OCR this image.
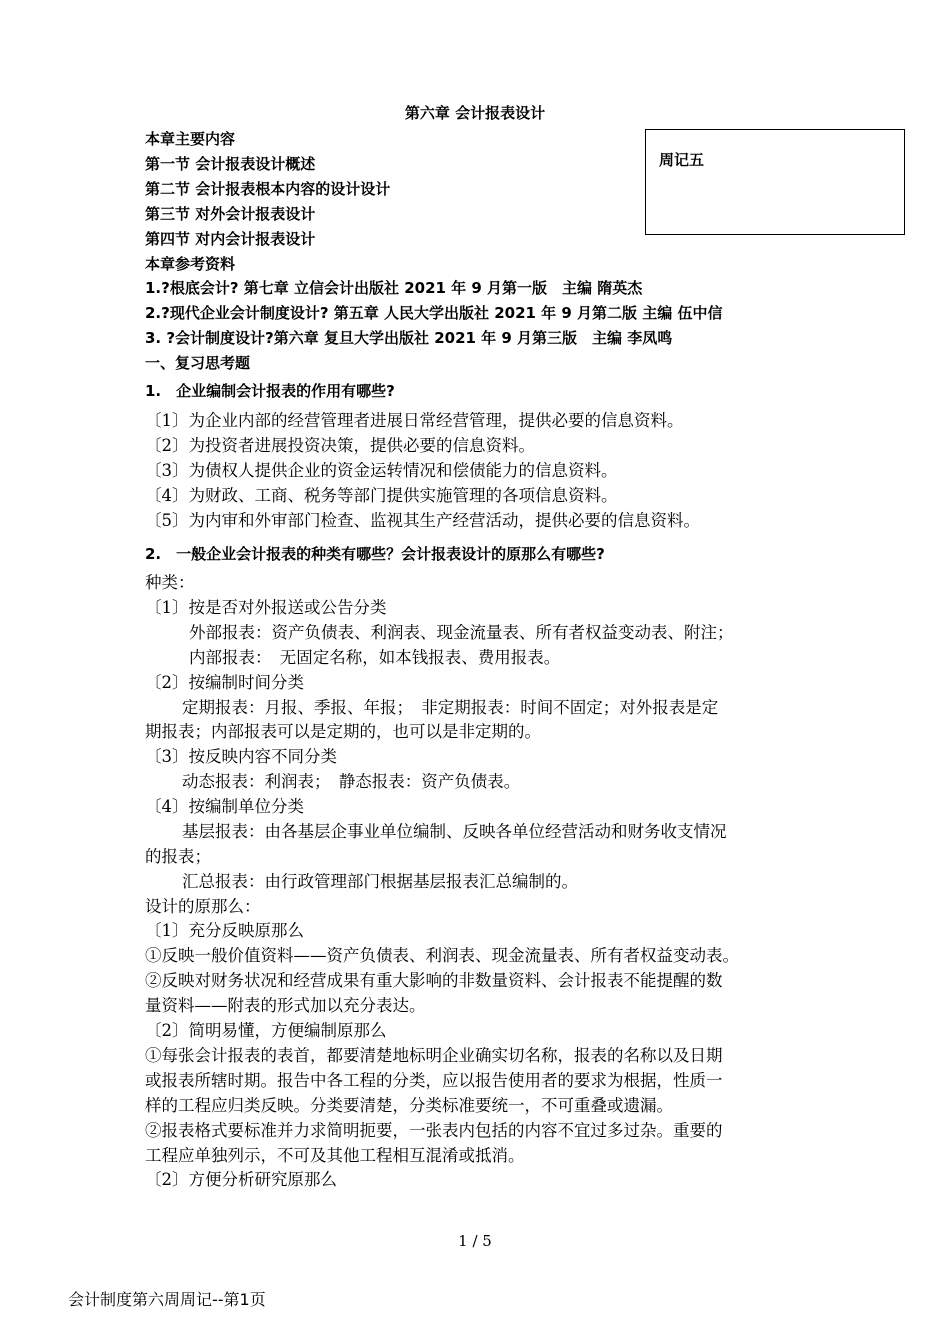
第六章 会计报表设计
周记五
本章主要内容
第一节 会计报表设计概述
第二节 会计报表根本内容的设计设计
第三节 对外会计报表设计
第四节 对内会计报表设计
本章参考资料
1.?根底会计? 第七章 立信会计出版社 2021 年 9 月第一版　主编 隋英杰
2.?现代企业会计制度设计? 第五章 人民大学出版社 2021 年 9 月第二版 主编 伍中信
3. ?会计制度设计?第六章 复旦大学出版社 2021 年 9 月第三版　主编 李凤鸣
一、复习思考题
1.　企业编制会计报表的作用有哪些?
〔1〕为企业内部的经营管理者进展日常经营管理，提供必要的信息资料。
〔2〕为投资者进展投资决策，提供必要的信息资料。
〔3〕为债权人提供企业的资金运转情况和偿债能力的信息资料。
〔4〕为财政、工商、税务等部门提供实施管理的各项信息资料。
〔5〕为内审和外审部门检查、监视其生产经营活动，提供必要的信息资料。
2.　一般企业会计报表的种类有哪些？会计报表设计的原那么有哪些?
种类：
〔1〕按是否对外报送或公告分类
外部报表：资产负债表、利润表、现金流量表、所有者权益变动表、附注；
内部报表：　无固定名称，如本钱报表、费用报表。
〔2〕按编制时间分类
定期报表：月报、季报、年报；　非定期报表：时间不固定；对外报表是定
期报表；内部报表可以是定期的，也可以是非定期的。
〔3〕按反映内容不同分类
动态报表：利润表；　静态报表：资产负债表。
〔4〕按编制单位分类
基层报表：由各基层企事业单位编制、反映各单位经营活动和财务收支情况
的报表；
汇总报表：由行政管理部门根据基层报表汇总编制的。
设计的原那么：
〔1〕充分反映原那么
①反映一般价值资料——资产负债表、利润表、现金流量表、所有者权益变动表。
②反映对财务状况和经营成果有重大影响的非数量资料、会计报表不能提醒的数
量资料——附表的形式加以充分表达。
〔2〕简明易懂，方便编制原那么
①每张会计报表的表首，都要清楚地标明企业确实切名称，报表的名称以及日期
或报表所辖时期。报告中各工程的分类，应以报告使用者的要求为根据，性质一
样的工程应归类反映。分类要清楚，分类标准要统一，不可重叠或遗漏。
②报表格式要标准并力求简明扼要，一张表内包括的内容不宜过多过杂。重要的
工程应单独列示，不可及其他工程相互混淆或抵消。
〔2〕方便分析研究原那么
1 / 5
会计制度第六周周记--第1页
